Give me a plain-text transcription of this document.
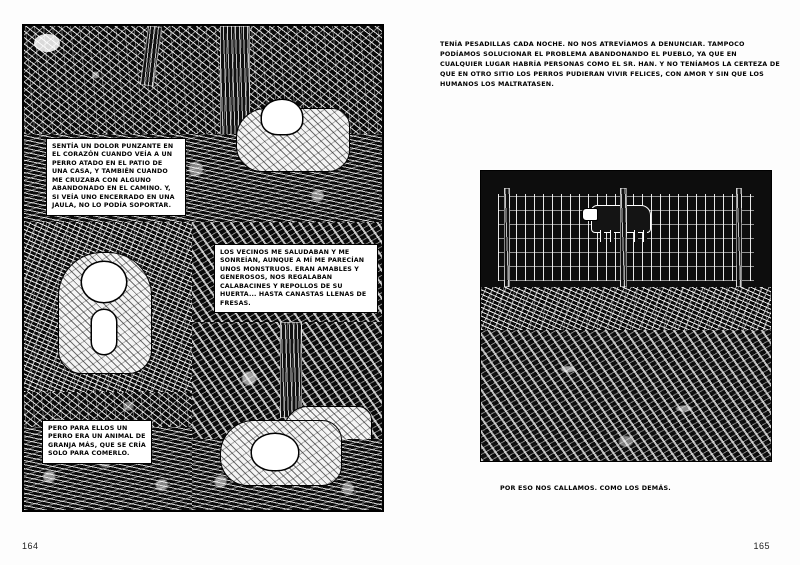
SENTÍA UN DOLOR PUNZANTE EN EL CORAZÓN CUANDO VEÍA A UN PERRO ATADO EN EL PATIO DE UNA CASA, Y TAMBIÉN CUANDO ME CRUZABA CON ALGUNO ABANDONADO EN EL CAMINO. Y, SI VEÍA UNO ENCERRADO EN UNA JAULA, NO LO PODÍA SOPORTAR.
LOS VECINOS ME SALUDABAN Y ME SONREÍAN, AUNQUE A MÍ ME PARECÍAN UNOS MONSTRUOS. ERAN AMABLES Y GENEROSOS, NOS REGALABAN CALABACINES Y REPOLLOS DE SU HUERTA... HASTA CANASTAS LLENAS DE FRESAS.
PERO PARA ELLOS UN PERRO ERA UN ANIMAL DE GRANJA MÁS, QUE SE CRÍA SOLO PARA COMERLO.
164
TENÍA PESADILLAS CADA NOCHE. NO NOS ATREVÍAMOS A DENUNCIAR. TAMPOCO PODÍAMOS SOLUCIONAR EL PROBLEMA ABANDONANDO EL PUEBLO, YA QUE EN CUALQUIER LUGAR HABRÍA PERSONAS COMO EL SR. HAN. Y NO TENÍAMOS LA CERTEZA DE QUE EN OTRO SITIO LOS PERROS PUDIERAN VIVIR FELICES, CON AMOR Y SIN QUE LOS HUMANOS LOS MALTRATASEN.
POR ESO NOS CALLAMOS. COMO LOS DEMÁS.
165
